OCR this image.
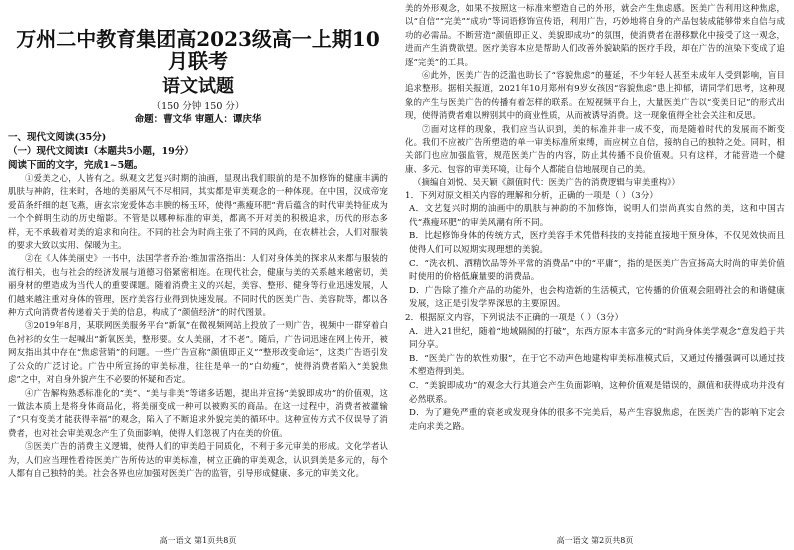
万州二中教育集团高2023级高一上期10月联考
语文试题
（150 分钟 150 分）
命题：曹文华 审题人：谭庆华
一、现代文阅读(35分)
（一）现代文阅读Ⅰ（本题共5小题，19分）
阅读下面的文字，完成1~5题。

①爱美之心，人皆有之。纵观文艺复兴时期的油画，显现出我们眼前的是不加修饰的健康丰满的肌肤与神韵，往来时，各地的美丽风气不尽相同，其实都是审美观念的一种体现。在中国，汉成帝宠爱苗条纤细的赵飞燕，唐玄宗宠爱体态丰腴的杨玉环，使得“燕瘦环肥”背后蕴含的时代审美特征成为一个个鲜明生动的历史缩影。不管是以哪种标准的审美，都离不开对美的积极追求，历代的形态多样，无不承载着对美的追求和向往。不同的社会为时尚主张了不同的风尚，在农耕社会，人们对服装的要求大致以实用、保暖为主。

②在《人体美丽史》一书中，法国学者乔治·维加雷洛指出：人们对身体美的探求从来都与服装的流行相关，也与社会的经济发展与道德习俗紧密相连。在现代社会，健康与美的关系越来越密切，美丽身材的塑造成为当代人的重要课题。随着消费主义的兴起，美容、整形、健身等行业迅速发展，人们越来越注重对身体的管理，医疗美容行业得到快速发展。不同时代的医美广告、美容院等，都以各种方式向消费者传递着关于美的信息，构成了“颜值经济”的时代图景。

③2019年8月，某联网医美服务平台“新氧”在微视频网站上投放了一则广告，视频中一群穿着白色衬衫的女生一起喊出“新氧医美，整形要。女人美丽，才不老”。随后，广告词迅速在网上传开，被网友指出其中存在“焦虑营销”的问题。一些广告宣称“颜值即正义”“整形改变命运”，这类广告语引发了公众的广泛讨论。广告中所宣扬的审美标准，往往是单一的“白幼瘦”，使得消费者陷入“美貌焦虑”之中，对自身外貌产生不必要的怀疑和否定。

④广告解构熟悉标准化的“美”、“美与非美”等诸多话题，提出并宣扬“美貌即成功”的价值观，这一做法本质上是将身体商品化，将美丽变成一种可以被购买的商品。在这一过程中，消费者被灌输了“只有变美才能获得幸福”的观念，陷入了不断追求外貌完美的循环中。这种宣传方式不仅误导了消费者，也对社会审美观念产生了负面影响，使得人们忽视了内在美的价值。

⑤医美广告的消费主义逻辑，使得人们的审美趋于同质化，不利于多元审美的形成。文化学者认为，人们应当理性看待医美广告所传达的审美标准，树立正确的审美观念，认识到美是多元的，每个人都有自己独特的美。社会各界也应加强对医美广告的监管，引导形成健康、多元的审美文化。

高一语文 第1页共8页

美的外形观念，如果不按照这一标准来塑造自己的外形，就会产生焦虑感。医美广告利用这种焦虑，以“自信”“完美”“成功”等词语修饰宣传语，利用广告，巧妙地将自身的产品包装成能够带来自信与成功的必需品。不断营造“颜值即正义、美貌即成功”的氛围，使消费者在潜移默化中接受了这一观念，进而产生消费欲望。医疗美容本应是帮助人们改善外貌缺陷的医疗手段，却在广告的渲染下变成了追逐“完美”的工具。

⑥此外，医美广告的泛滥也助长了“容貌焦虑”的蔓延，不少年轻人甚至未成年人受到影响，盲目追求整形。据相关报道，2021年10月郑州有9岁女孩因“容貌焦虑”患上抑郁，请同学们思考，这种现象的产生与医美广告的传播有着怎样的联系。在短视频平台上，大量医美广告以“变美日记”的形式出现，使得消费者难以辨别其中的商业性质，从而被诱导消费。这一现象值得全社会关注和反思。

⑦面对这样的现象，我们应当认识到，美的标准并非一成不变，而是随着时代的发展而不断变化。我们不应被广告所塑造的单一审美标准所束缚，而应树立自信，接纳自己的独特之处。同时，相关部门也应加强监管，规范医美广告的内容，防止其传播不良价值观。只有这样，才能营造一个健康、多元、包容的审美环境，让每个人都能自信地展现自己的美。

（摘编自刘悦、吴天颖《颜值时代：医美广告的消费逻辑与审美重构》）

1．下列对原文相关内容的理解和分析，正确的一项是（ ）（3分）

A．文艺复兴时期的油画中的肌肤与神韵的不加修饰，说明人们崇尚真实自然的美，这和中国古代“燕瘦环肥”的审美风潮有所不同。

B．比起修饰身体的传统方式，医疗美容手术凭借科技的支持能直接地干预身体，不仅见效快而且使得人们可以短期实现理想的美貌。

C．“洗衣机、洒精饮品等外平常的消费品”中的“平庸”，指的是医美广告宣扬高大时尚的审美价值时使用的价格低廉量要的消费品。

D．广告除了推介产品的功能外，也会构造新的生活模式，它传播的价值观会阻碍社会的和谐健康发展，这正是引发学界深思的主要原因。

2．根据原文内容，下列说法不正确的一项是（ ）（3分）

A．进入21世纪，随着“地域隔阂的打破”，东西方原本丰富多元的“时尚身体美学观念”意发趋于共同分享。

B．“医美广告的软性劝服”，在于它不动声色地建构审美标准模式后，又通过传播强调可以通过技术塑造得到美。

C．“美貌即成功”的观念大行其道会产生负面影响，这种价值观是错误的，颜值和获得成功并没有必然联系。

D．为了避免严重的衰老或发现身体的很多不完美后，易产生容貌焦虑，在医美广告的影响下定会走向求美之路。

高一语文 第2页共8页
